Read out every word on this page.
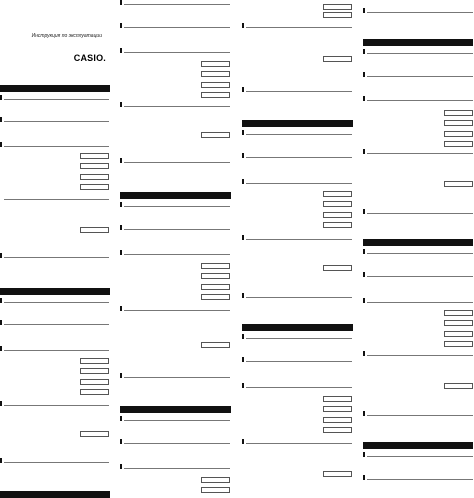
Инструкция по эксплуатации
CASIO.
